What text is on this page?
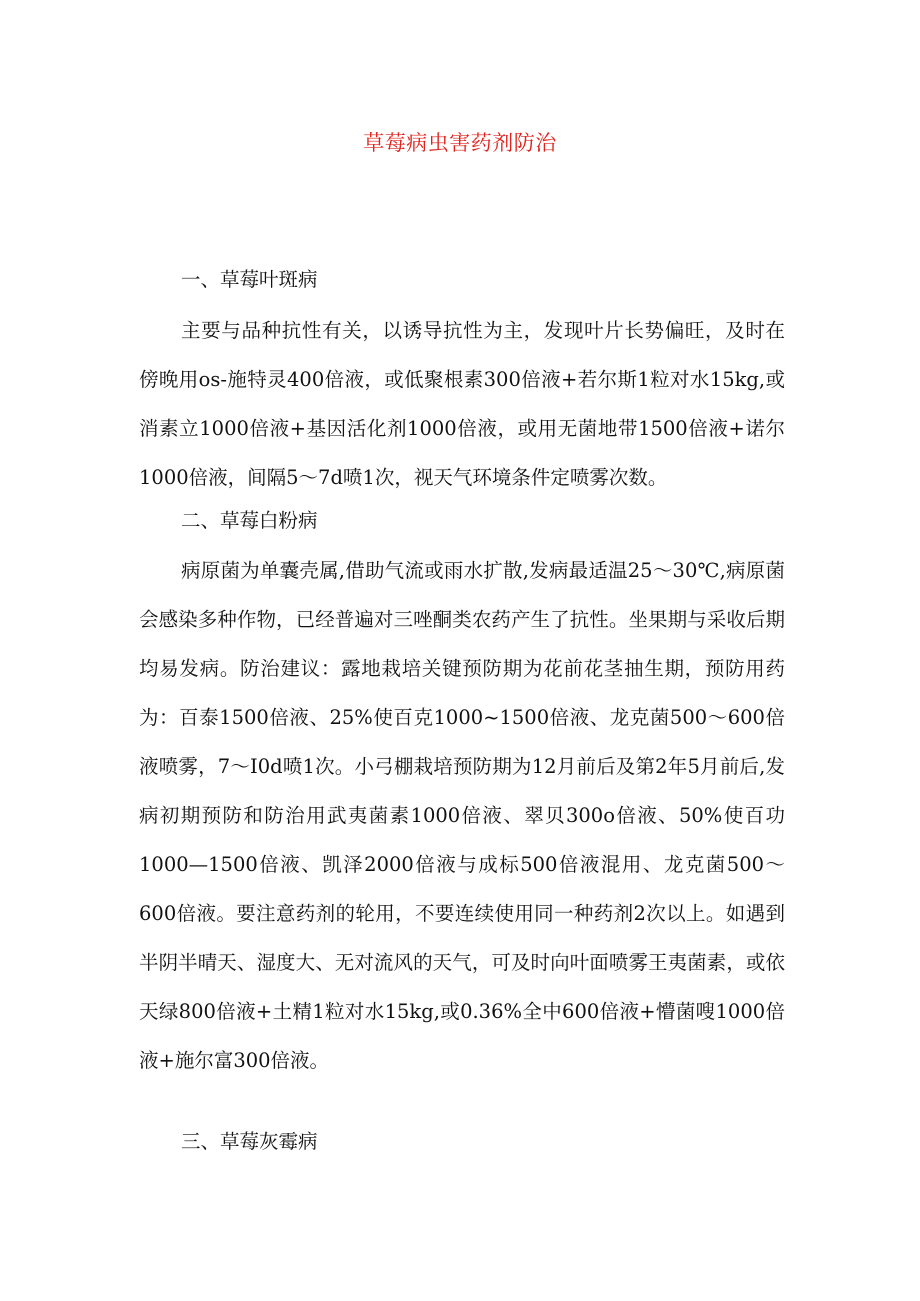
草莓病虫害药剂防治
一、草莓叶斑病
主要与品种抗性有关，以诱导抗性为主，发现叶片长势偏旺，及时在傍晚用os-施特灵400倍液，或低聚根素300倍液+若尔斯1粒对水15kg,或消素立1000倍液+基因活化剂1000倍液，或用无菌地带1500倍液+诺尔1000倍液，间隔5～7d喷1次，视天气环境条件定喷雾次数。
二、草莓白粉病
病原菌为单囊壳属,借助气流或雨水扩散,发病最适温25～30℃,病原菌会感染多种作物，已经普遍对三唑酮类农药产生了抗性。坐果期与采收后期均易发病。防治建议：露地栽培关键预防期为花前花茎抽生期，预防用药为：百泰1500倍液、25%使百克1000~1500倍液、龙克菌500～600倍液喷雾，7～I0d喷1次。小弓棚栽培预防期为12月前后及第2年5月前后,发病初期预防和防治用武夷菌素1000倍液、翠贝300o倍液、50%使百功1000—1500倍液、凯泽2000倍液与成标500倍液混用、龙克菌500～600倍液。要注意药剂的轮用，不要连续使用同一种药剂2次以上。如遇到半阴半晴天、湿度大、无对流风的天气，可及时向叶面喷雾王夷菌素，或依天绿800倍液+土精1粒对水15kg,或0.36%全中600倍液+懵菌嗖1000倍液+施尔富300倍液。
三、草莓灰霉病
